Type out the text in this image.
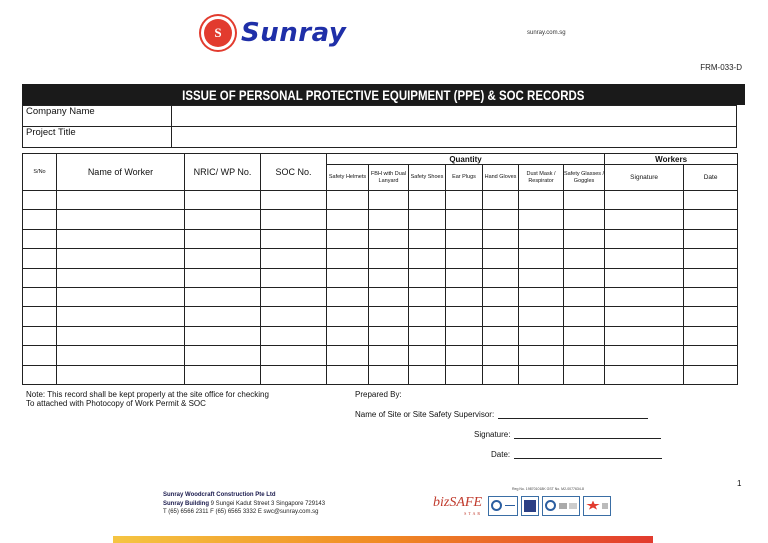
S Sunray	sunray.com.sg
FRM-033-D
ISSUE OF PERSONAL PROTECTIVE EQUIPMENT (PPE) & SOC RECORDS
Company Name	
Project Title	
S/No	Name of Worker	NRIC/ WP No.	SOC No.	Quantity							Workers	
				Safety Helmets	FBH with Dual Lanyard	Safety Shoes	Ear Plugs	Hand Gloves	Dust Mask / Respirator	Safety Glasses / Goggles	Signature	Date

Note: This record shall be kept properly at the site office for checking
To attached with Photocopy of Work Permit & SOC
Prepared By:
Name of Site or Site Safety Supervisor:
Signature:
Date:
1
Sunray Woodcraft Construction Pte Ltd
Sunray Building 9 Sungei Kadut Street 3 Singapore 729143
T (65) 6566 2311 F (65) 6565 3332 E swc@sunray.com.sg
Reg No. 198701018K GST No. M2-0077634-8
bizSAFE
STAR
